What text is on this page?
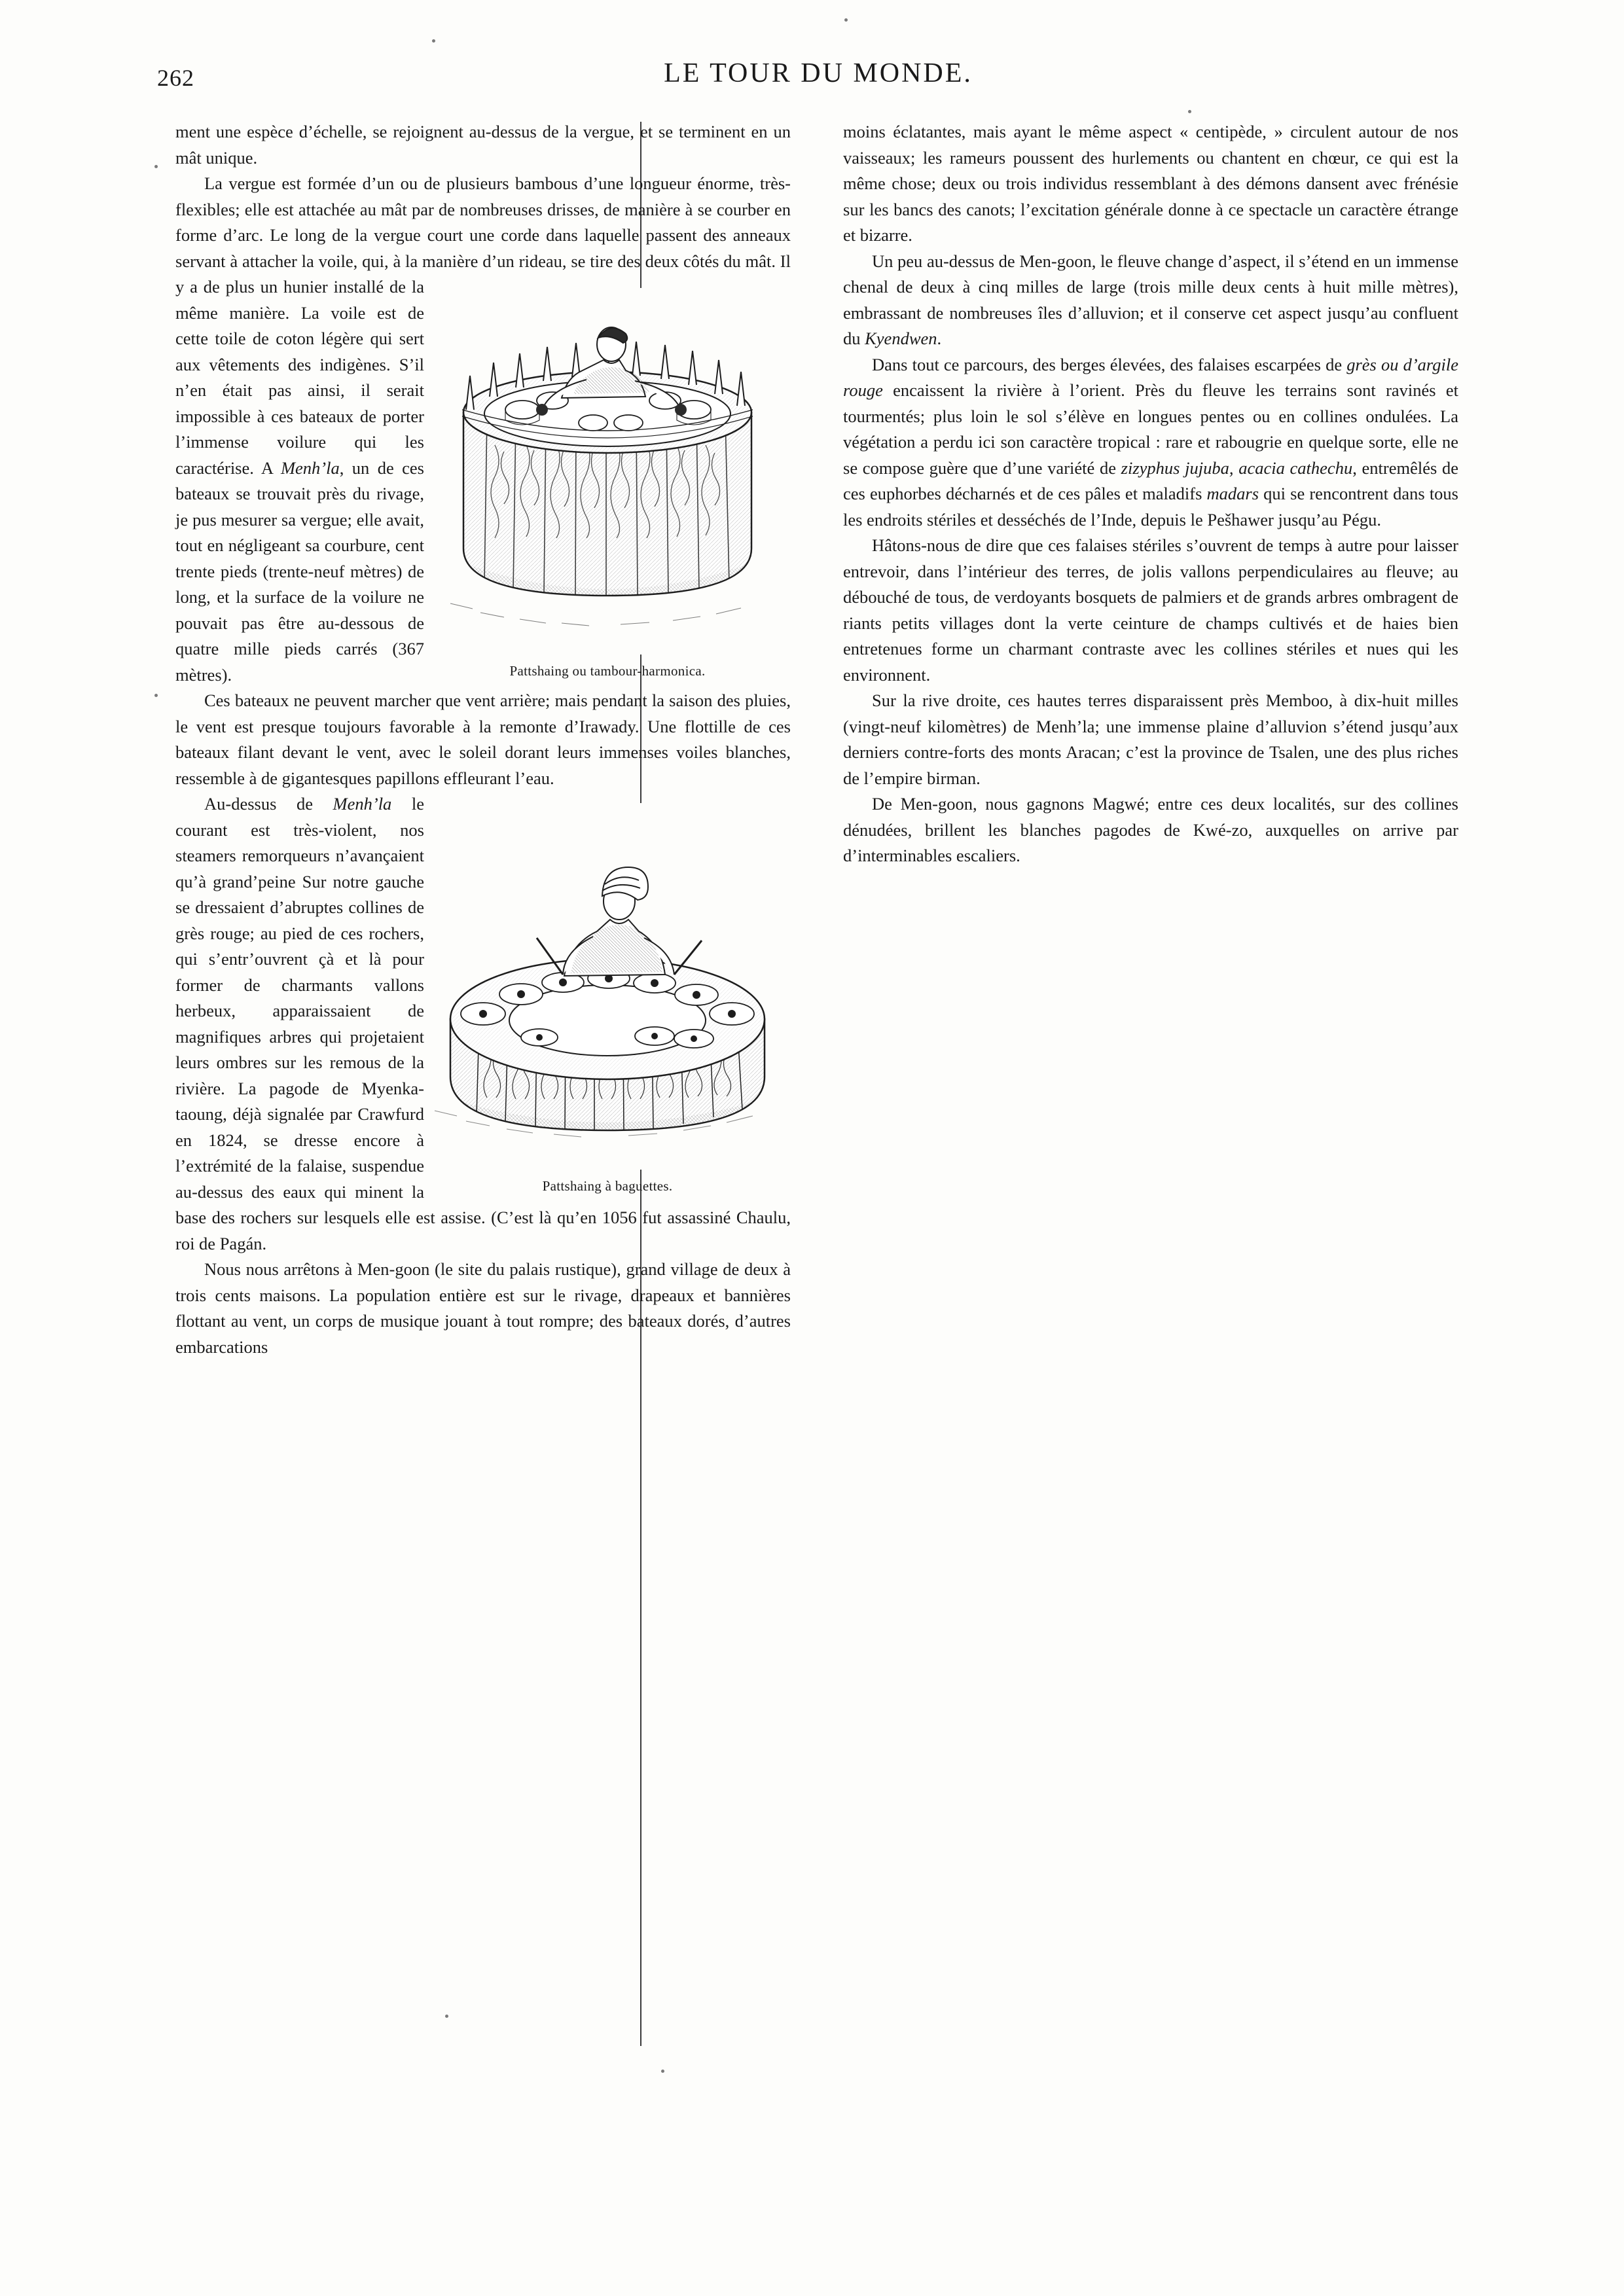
262	LE TOUR DU MONDE.
Pattshaing ou tambour-harmonica.

ment une espèce d’échelle, se rejoignent au-dessus de la vergue, et se terminent en un mât unique.

La vergue est formée d’un ou de plusieurs bambous d’une longueur énorme, très-flexibles; elle est attachée au mât par de nombreuses drisses, de manière à se courber en forme d’arc. Le long de la vergue court une corde dans laquelle passent des anneaux servant à attacher la voile, qui, à la manière d’un rideau, se tire des deux côtés du mât. Il y a de plus un hunier installé de la même manière. La voile est de cette toile de coton légère qui sert aux vêtements des indigènes. S’il n’en était pas ainsi, il serait impossible à ces bateaux de porter l’immense voilure qui les caractérise. A Menh’la, un de ces bateaux se trouvait près du rivage, je pus mesurer sa vergue; elle avait, tout en négligeant sa courbure, cent trente pieds (trente-neuf mètres) de long, et la surface de la voilure ne pouvait pas être au-dessous de quatre mille pieds carrés (367 mètres).

Ces bateaux ne peuvent marcher que vent arrière; mais pendant la saison des pluies, le vent est presque toujours favorable à la remonte d’Irawady. Une flottille de ces bateaux filant devant le vent, avec le soleil dorant leurs immenses voiles blanches, ressemble à de gigantesques papillons effleurant l’eau.

Pattshaing à baguettes.

Au-dessus de Menh’la le courant est très-violent, nos steamers remorqueurs n’avançaient qu’à grand’peine Sur notre gauche se dressaient d’abruptes collines de grès rouge; au pied de ces rochers, qui s’entr’ouvrent çà et là pour former de charmants vallons herbeux, apparaissaient de magnifiques arbres qui projetaient leurs ombres sur les remous de la rivière. La pagode de Myenka-taoung, déjà signalée par Crawfurd en 1824, se dresse encore à l’extrémité de la falaise, suspendue au-dessus des eaux qui minent la base des rochers sur lesquels elle est assise. (C’est là qu’en 1056 fut assassiné Chaulu, roi de Pagán.

Nous nous arrêtons à Men-goon (le site du palais rustique), grand village de deux à trois cents maisons. La population entière est sur le rivage, drapeaux et bannières flottant au vent, un corps de musique jouant à tout rompre; des bateaux dorés, d’autres embarcations

moins éclatantes, mais ayant le même aspect « centipède, » circulent autour de nos vaisseaux; les rameurs poussent des hurlements ou chantent en chœur, ce qui est la même chose; deux ou trois individus ressemblant à des démons dansent avec frénésie sur les bancs des canots; l’excitation générale donne à ce spectacle un caractère étrange et bizarre.

Un peu au-dessus de Men-goon, le fleuve change d’aspect, il s’étend en un immense chenal de deux à cinq milles de large (trois mille deux cents à huit mille mètres), embrassant de nombreuses îles d’alluvion; et il conserve cet aspect jusqu’au confluent du Kyendwen.

Dans tout ce parcours, des berges élevées, des falaises escarpées de grès ou d’argile rouge encaissent la rivière à l’orient. Près du fleuve les terrains sont ravinés et tourmentés; plus loin le sol s’élève en longues pentes ou en collines ondulées. La végétation a perdu ici son caractère tropical : rare et rabougrie en quelque sorte, elle ne se compose guère que d’une variété de zizyphus jujuba, acacia cathechu, entremêlés de ces euphorbes décharnés et de ces pâles et maladifs madars qui se rencontrent dans tous les endroits stériles et desséchés de l’Inde, depuis le Pešhawer jusqu’au Pégu.

Hâtons-nous de dire que ces falaises stériles s’ouvrent de temps à autre pour laisser entrevoir, dans l’intérieur des terres, de jolis vallons perpendiculaires au fleuve; au débouché de tous, de verdoyants bosquets de palmiers et de grands arbres ombragent de riants petits villages dont la verte ceinture de champs cultivés et de haies bien entretenues forme un charmant contraste avec les collines stériles et nues qui les environnent.

Sur la rive droite, ces hautes terres disparaissent près Memboo, à dix-huit milles (vingt-neuf kilomètres) de Menh’la; une immense plaine d’alluvion s’étend jusqu’aux derniers contre-forts des monts Aracan; c’est la province de Tsalen, une des plus riches de l’empire birman.

De Men-goon, nous gagnons Magwé; entre ces deux localités, sur des collines dénudées, brillent les blanches pagodes de Kwé-zo, auxquelles on arrive par d’interminables escaliers.
